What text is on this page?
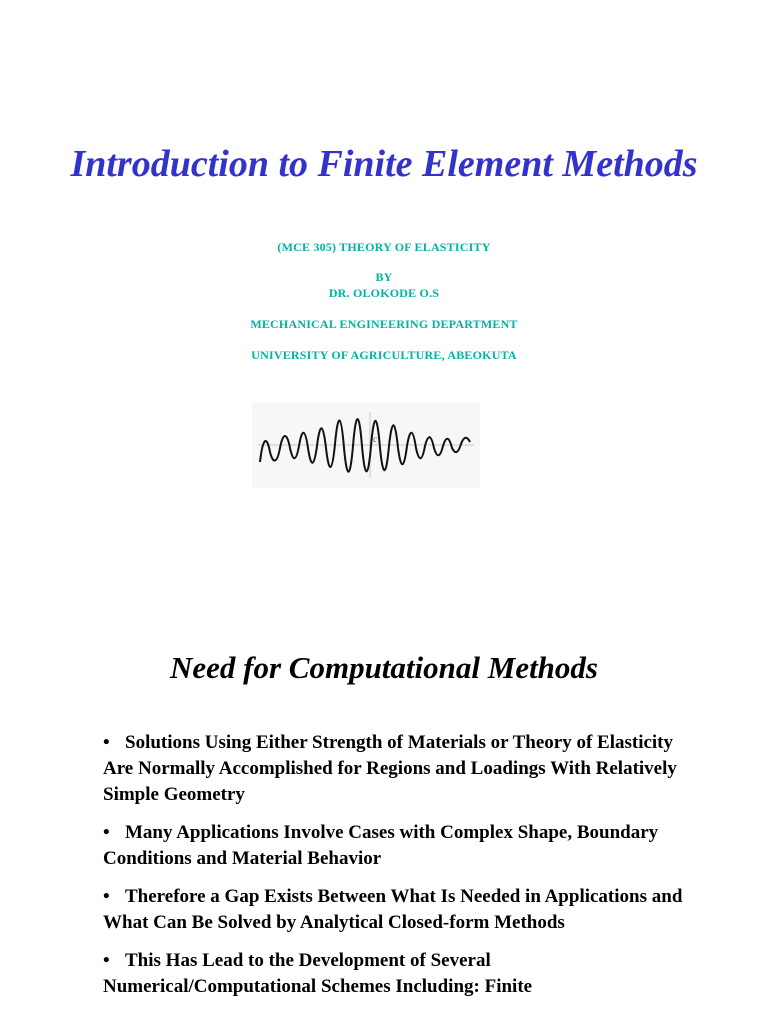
Introduction to Finite Element Methods

(MCE 305) THEORY OF ELASTICITY

BY

DR. OLOKODE O.S

MECHANICAL ENGINEERING DEPARTMENT

UNIVERSITY OF AGRICULTURE, ABEOKUTA

c
Need for Computational Methods
• Solutions Using Either Strength of Materials or Theory of Elasticity Are Normally Accomplished for Regions and Loadings With Relatively Simple Geometry
• Many Applications Involve Cases with Complex Shape, Boundary Conditions and Material Behavior
• Therefore a Gap Exists Between What Is Needed in Applications and What Can Be Solved by Analytical Closed-form Methods
• This Has Lead to the Development of Several Numerical/Computational Schemes Including: Finite
